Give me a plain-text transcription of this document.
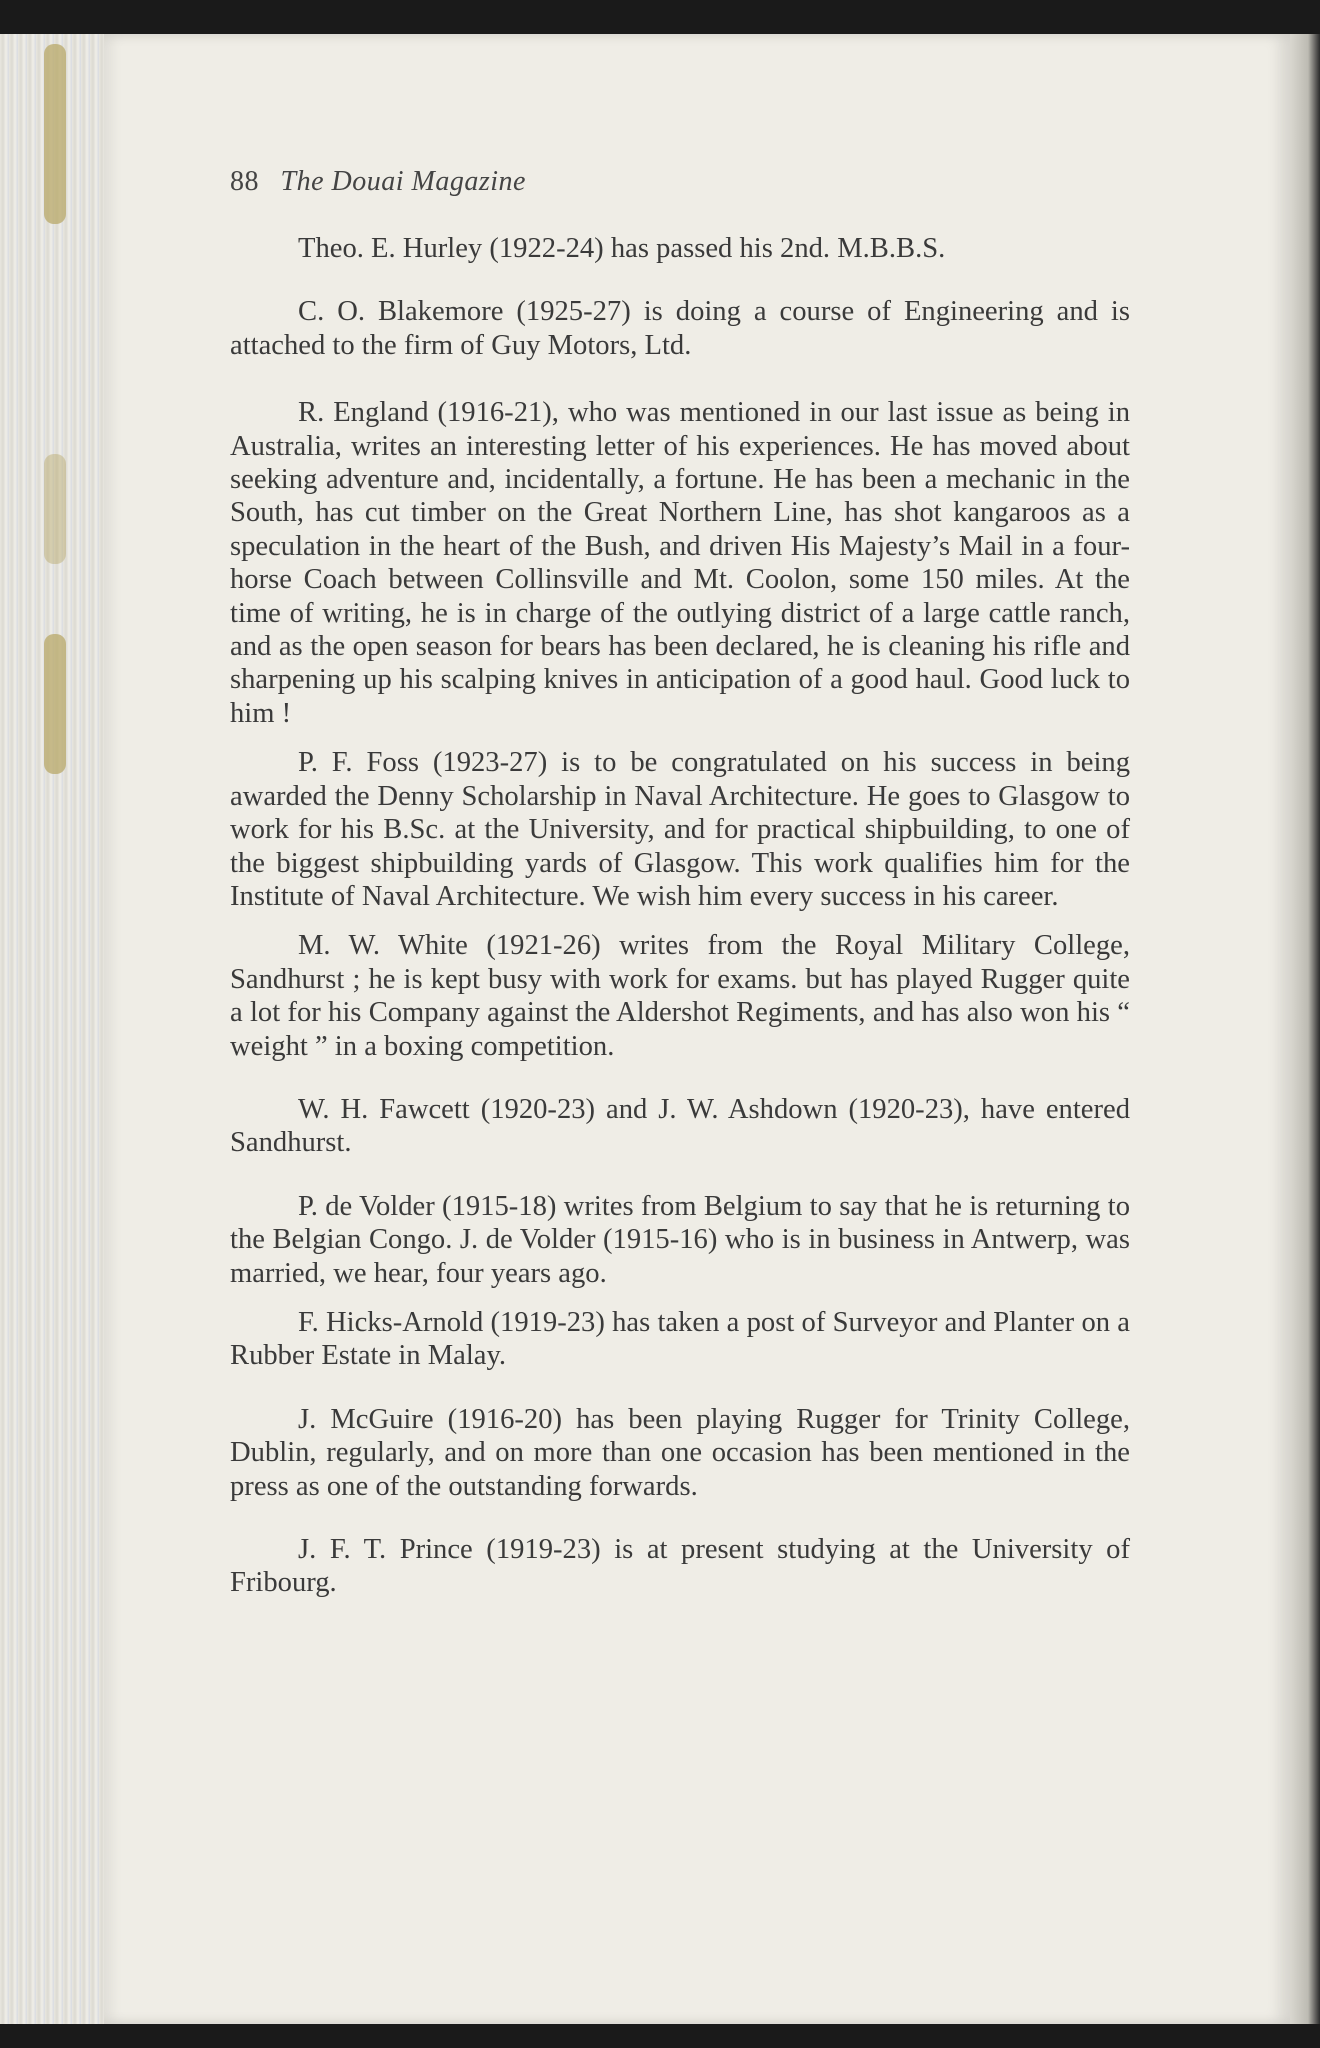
88 The Douai Magazine

Theo. E. Hurley (1922-24) has passed his 2nd. M.B.B.S.

C. O. Blakemore (1925-27) is doing a course of Engineering and is attached to the firm of Guy Motors, Ltd.

R. England (1916-21), who was mentioned in our last issue as being in Australia, writes an interesting letter of his experiences. He has moved about seeking adventure and, incidentally, a fortune. He has been a mechanic in the South, has cut timber on the Great Northern Line, has shot kangaroos as a speculation in the heart of the Bush, and driven His Majesty’s Mail in a four-horse Coach between Collinsville and Mt. Coolon, some 150 miles. At the time of writing, he is in charge of the outlying district of a large cattle ranch, and as the open season for bears has been declared, he is cleaning his rifle and sharpening up his scalping knives in anticipation of a good haul. Good luck to him !

P. F. Foss (1923-27) is to be congratulated on his success in being awarded the Denny Scholarship in Naval Architecture. He goes to Glasgow to work for his B.Sc. at the University, and for practical shipbuilding, to one of the biggest shipbuilding yards of Glasgow. This work qualifies him for the Institute of Naval Architecture. We wish him every success in his career.

M. W. White (1921-26) writes from the Royal Military College, Sandhurst ; he is kept busy with work for exams. but has played Rugger quite a lot for his Company against the Aldershot Regiments, and has also won his “ weight ” in a boxing competition.

W. H. Fawcett (1920-23) and J. W. Ashdown (1920-23), have entered Sandhurst.

P. de Volder (1915-18) writes from Belgium to say that he is returning to the Belgian Congo. J. de Volder (1915-16) who is in business in Antwerp, was married, we hear, four years ago.

F. Hicks-Arnold (1919-23) has taken a post of Surveyor and Planter on a Rubber Estate in Malay.

J. McGuire (1916-20) has been playing Rugger for Trinity College, Dublin, regularly, and on more than one occasion has been mentioned in the press as one of the outstanding forwards.

J. F. T. Prince (1919-23) is at present studying at the University of Fribourg.
